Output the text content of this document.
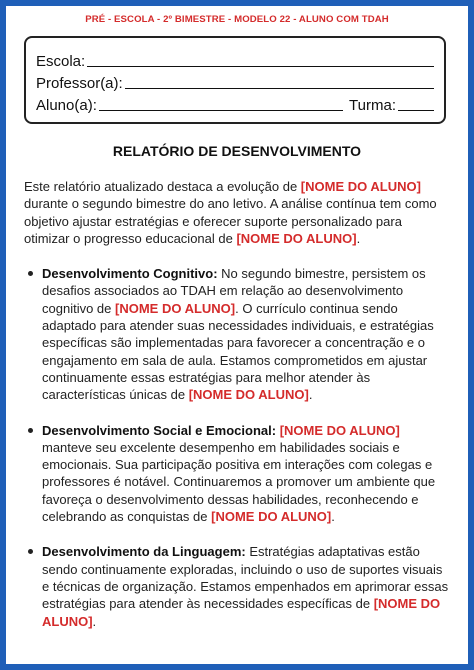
PRÉ - ESCOLA - 2º BIMESTRE - MODELO 22 - ALUNO COM TDAH
Escola:
Professor(a):
Aluno(a):	Turma:
RELATÓRIO DE DESENVOLVIMENTO

Este relatório atualizado destaca a evolução de [NOME DO ALUNO] durante o segundo bimestre do ano letivo. A análise contínua tem como objetivo ajustar estratégias e oferecer suporte personalizado para otimizar o progresso educacional de [NOME DO ALUNO].

Desenvolvimento Cognitivo: No segundo bimestre, persistem os desafios associados ao TDAH em relação ao desenvolvimento cognitivo de [NOME DO ALUNO]. O currículo continua sendo adaptado para atender suas necessidades individuais, e estratégias específicas são implementadas para favorecer a concentração e o engajamento em sala de aula. Estamos comprometidos em ajustar continuamente essas estratégias para melhor atender às características únicas de [NOME DO ALUNO].
Desenvolvimento Social e Emocional: [NOME DO ALUNO] manteve seu excelente desempenho em habilidades sociais e emocionais. Sua participação positiva em interações com colegas e professores é notável. Continuaremos a promover um ambiente que favoreça o desenvolvimento dessas habilidades, reconhecendo e celebrando as conquistas de [NOME DO ALUNO].
Desenvolvimento da Linguagem: Estratégias adaptativas estão sendo continuamente exploradas, incluindo o uso de suportes visuais e técnicas de organização. Estamos empenhados em aprimorar essas estratégias para atender às necessidades específicas de [NOME DO ALUNO].
